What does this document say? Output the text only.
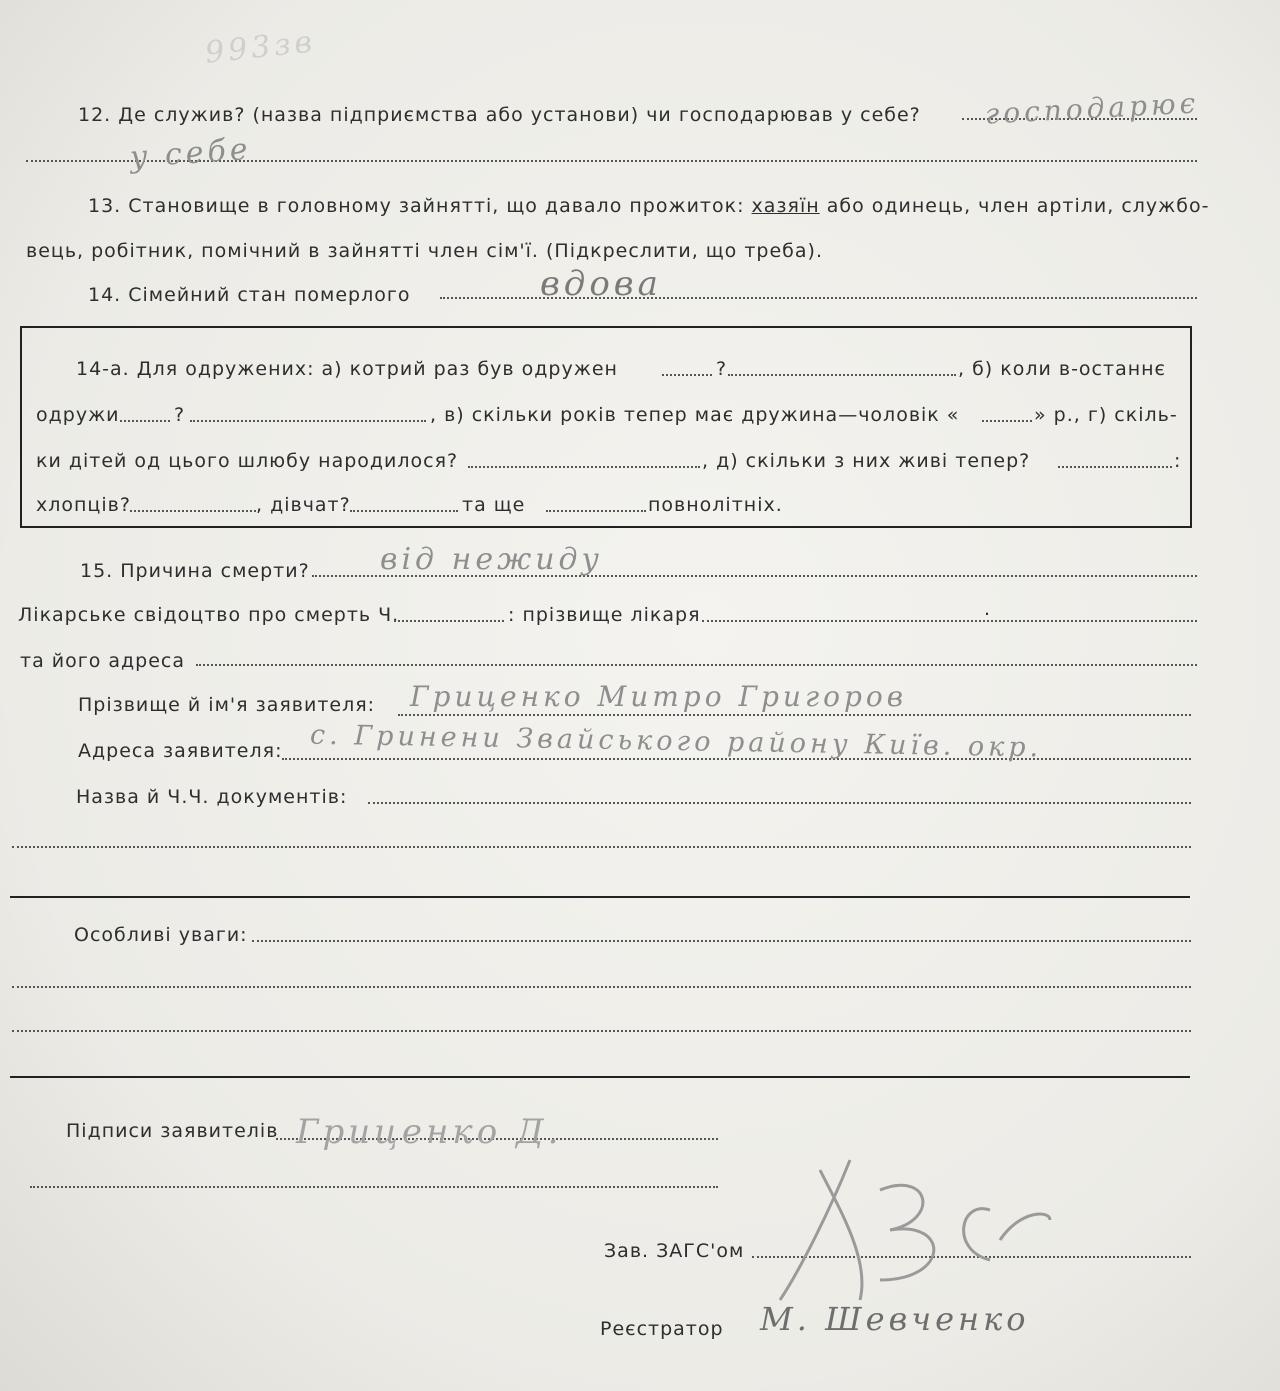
993зв
12. Де служив? (назва підприємства або установи) чи господарював у себе? господарює
у себе
13. Становище в головному зайнятті, що давало прожиток: хазяїн або одинець, член артіли, службо-
вець, робітник, помічний в зайнятті член сім'ї. (Підкреслити, що треба).
14. Сімейний стан померлого	вдова
14-а. Для одружених: а) котрий раз був одружен	?	, б) коли в-останнє
одружи	?	, в) скільки років тепер має дружина—чоловік «	» р., г) скіль-
ки дітей од цього шлюбу народилося?	, д) скільки з них живі тепер?	:
хлопців?	, дівчат?	та ще	повнолітніх.
15. Причина смерти? від нежиду
Лікарське свідоцтво про смерть Ч.	: прізвище лікаря	.
та його адреса
Прізвище й ім'я заявителя: Гриценко Митро Григоров
Адреса заявителя: с. Гринени Звайського району Київ. окр.
Назва й Ч.Ч. документів:
Особливі уваги:
Підписи заявителів Гриценко Д.
Зав. ЗАГС'ом
Реєстратор М. Шевченко
